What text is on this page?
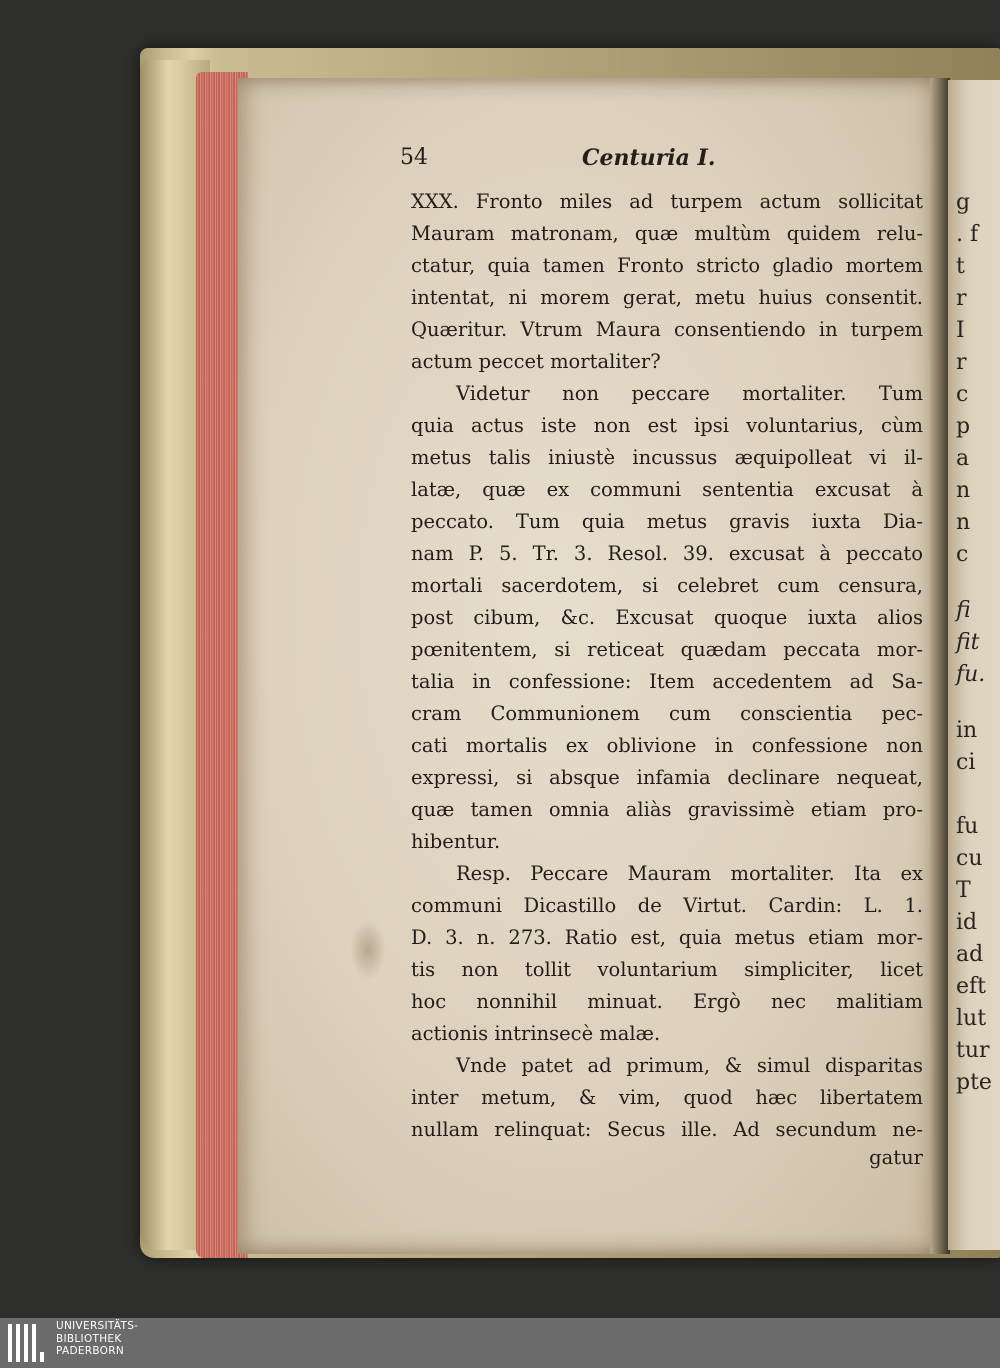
g
. f
t
r
I
r
c
p
a
n
n
c
fi
fit
fu.
in
ci
fu
cu
T
id
ad
eft
lut
tur
pte
54	Centuria I.
XXX. Fronto miles ad turpem actum sollicitat
Mauram matronam, quæ multùm quidem relu-
ctatur, quia tamen Fronto stricto gladio mortem
intentat, ni morem gerat, metu huius consentit.
Quæritur. Vtrum Maura consentiendo in turpem
actum peccet mortaliter?
Videtur non peccare mortaliter. Tum
quia actus iste non est ipsi voluntarius, cùm
metus talis iniustè incussus æquipolleat vi il-
latæ, quæ ex communi sententia excusat à
peccato. Tum quia metus gravis iuxta Dia-
nam P. 5. Tr. 3. Resol. 39. excusat à peccato
mortali sacerdotem, si celebret cum censura,
post cibum, &c. Excusat quoque iuxta alios
pœnitentem, si reticeat quædam peccata mor-
talia in confessione: Item accedentem ad Sa-
cram Communionem cum conscientia pec-
cati mortalis ex oblivione in confessione non
expressi, si absque infamia declinare nequeat,
quæ tamen omnia aliàs gravissimè etiam pro-
hibentur.
Resp. Peccare Mauram mortaliter. Ita ex
communi Dicastillo de Virtut. Cardin: L. 1.
D. 3. n. 273. Ratio est, quia metus etiam mor-
tis non tollit voluntarium simpliciter, licet
hoc nonnihil minuat. Ergò nec malitiam
actionis intrinsecè malæ.
Vnde patet ad primum, & simul disparitas
inter metum, & vim, quod hæc libertatem
nullam relinquat: Secus ille. Ad secundum ne-
gatur
UNIVERSITÄTS-
BIBLIOTHEK
PADERBORN
